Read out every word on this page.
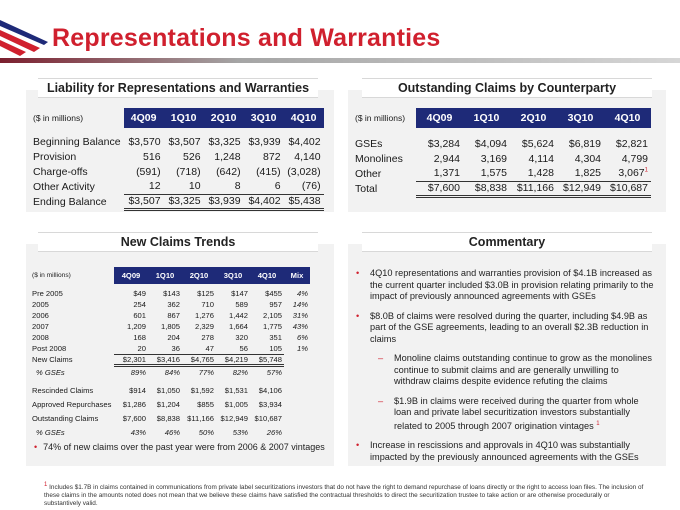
Representations and Warranties
Liability for Representations and Warranties
($ in millions)	4Q09	1Q10	2Q10	3Q10	4Q10

Beginning Balance	$3,570	$3,507	$3,325	$3,939	$4,402
Provision	516	526	1,248	872	4,140
Charge-offs	(591)	(718)	(642)	(415)	(3,028)
Other Activity	12	10	8	6	(76)
Ending Balance	$3,507	$3,325	$3,939	$4,402	$5,438
Outstanding Claims by Counterparty
($ in millions)	4Q09	1Q10	2Q10	3Q10	4Q10

GSEs	$3,284	$4,094	$5,624	$6,819	$2,821
Monolines	2,944	3,169	4,114	4,304	4,799
Other	1,371	1,575	1,428	1,825	3,067$^1$
Total	$7,600	$8,838	$11,166	$12,949	$10,687
New Claims Trends
($ in millions)	4Q09	1Q10	2Q10	3Q10	4Q10	Mix

Pre 2005	$49	$143	$125	$147	$455	4%
2005	254	362	710	589	957	14%
2006	601	867	1,276	1,442	2,105	31%
2007	1,209	1,805	2,329	1,664	1,775	43%
2008	168	204	278	320	351	6%
Post 2008	20	36	47	56	105	1%
New Claims	$2,301	$3,416	$4,765	$4,219	$5,748	
% GSEs	89%	84%	77%	82%	57%	

Rescinded Claims	$914	$1,050	$1,592	$1,531	$4,106	
Approved Repurchases	$1,286	$1,204	$855	$1,005	$3,934	
Outstanding Claims	$7,600	$8,838	$11,166	$12,949	$10,687	
% GSEs	43%	46%	50%	53%	26%	
• 74% of new claims over the past year were from 2006 & 2007 vintages
Commentary
• 4Q10 representations and warranties provision of $4.1B increased as the current quarter included $3.0B in provision relating primarily to the impact of previously announced agreements with GSEs
• $8.0B of claims were resolved during the quarter, including $4.9B as part of the GSE agreements, leading to an overall $2.3B reduction in claims
– Monoline claims outstanding continue to grow as the monolines continue to submit claims and are generally unwilling to withdraw claims despite evidence refuting the claims
– $1.9B in claims were received during the quarter from whole loan and private label securitization investors substantially related to 2005 through 2007 origination vintages $^1$
• Increase in rescissions and approvals in 4Q10 was substantially impacted by the previously announced agreements with the GSEs
$^1$ Includes $1.7B in claims contained in communications from private label securitizations investors that do not have the right to demand repurchase of loans directly or the right to access loan files. The inclusion of these claims in the amounts noted does not mean that we believe these claims have satisfied the contractual thresholds to direct the securitization trustee to take action or are otherwise procedurally or substantively valid.
